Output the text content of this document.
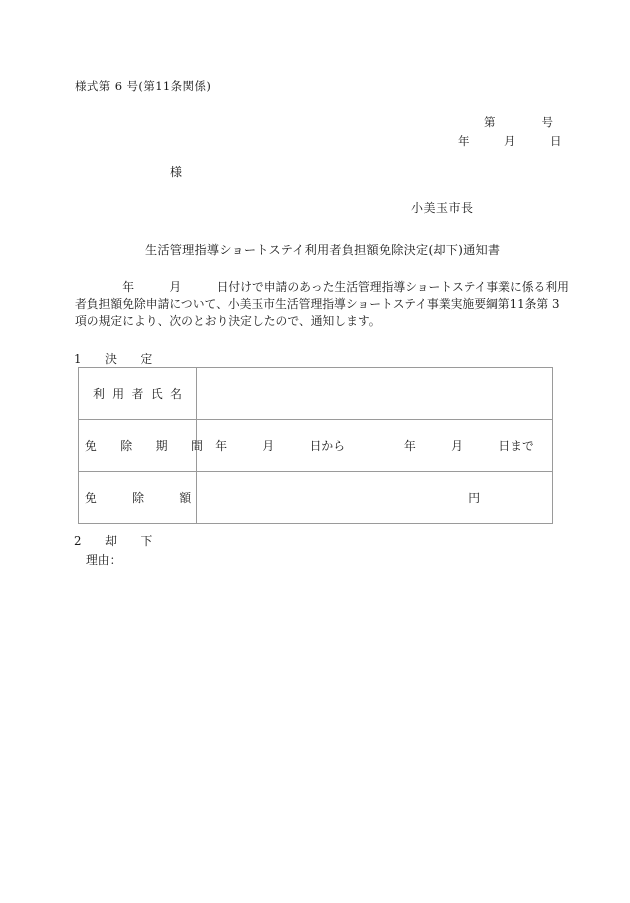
様式第 6 号(第11条関係)
第　　　　号
年　　　月　　　日
様
小美玉市長
生活管理指導ショートステイ利用者負担額免除決定(却下)通知書
　　　　年　　　月　　　日付けで申請のあった生活管理指導ショートステイ事業に係る利用
者負担額免除申請について、小美玉市生活管理指導ショートステイ事業実施要綱第11条第 3
項の規定により、次のとおり決定したので、通知します。
1　　決　　定
利  用  者  氏  名	

免　　除　　期　　間	年　　　月　　　日から　　　　　年　　　月　　　日まで

免　　　除　　　額	円
2　　却　　下
理由：
